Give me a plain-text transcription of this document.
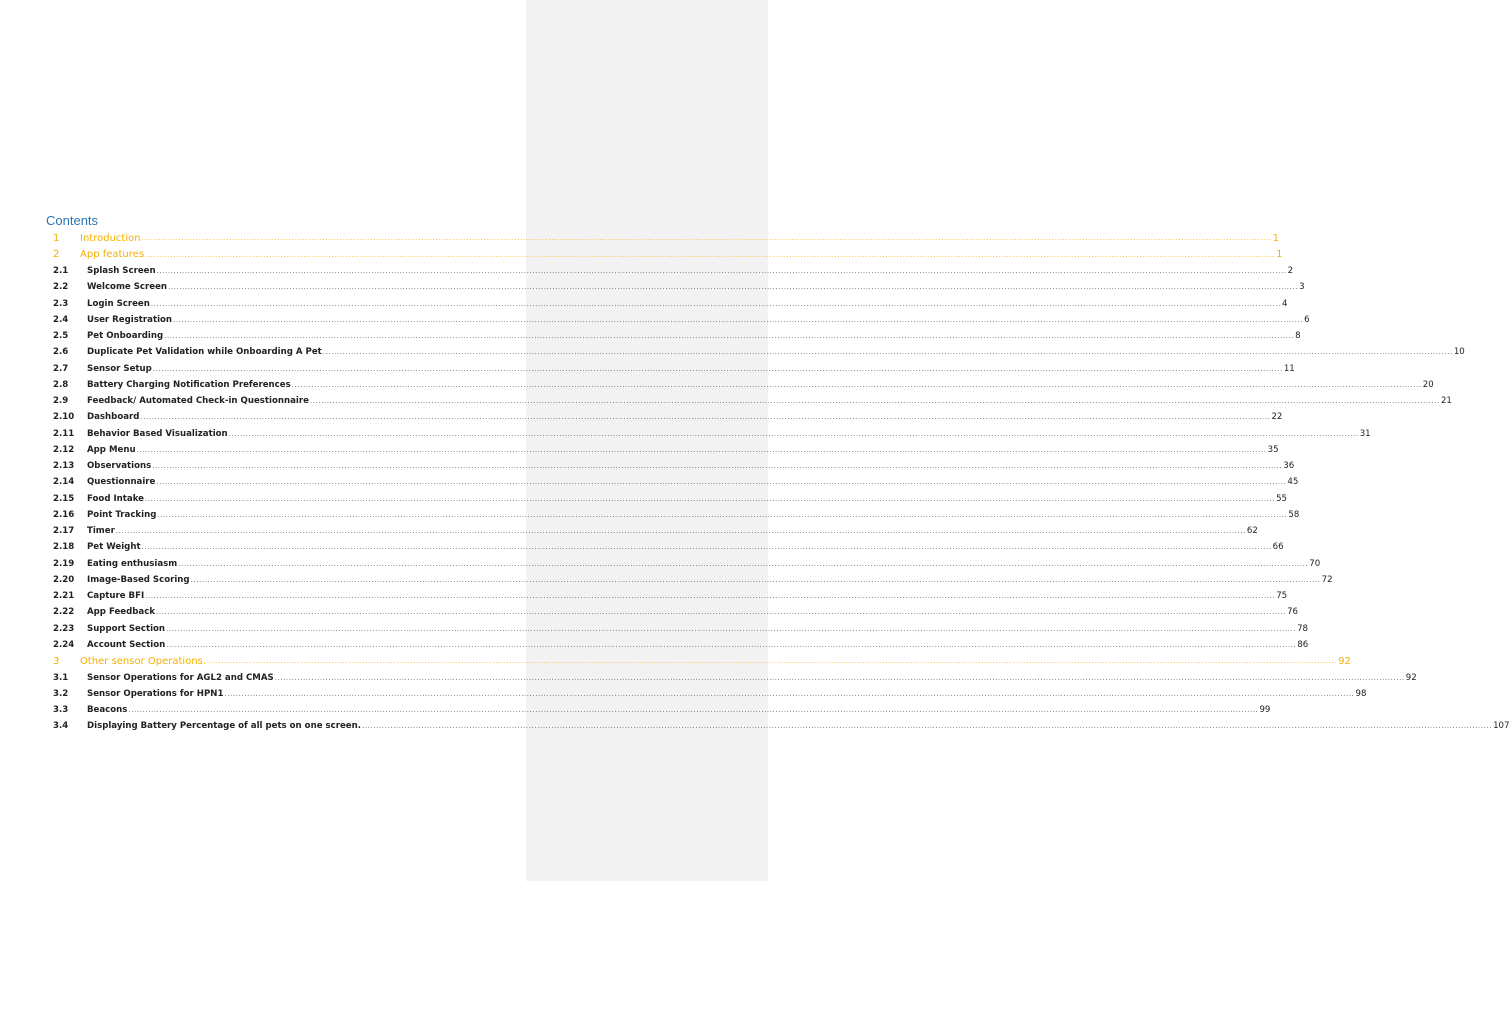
Contents
1	Introduction ................................................................................................................................................................................................................................................................................................................................................................................................................ 1
2	App features ................................................................................................................................................................................................................................................................................................................................................................................................................ 1
2.1	Splash Screen ................................................................................................................................................................................................................................................................................................................................................................................................................ 2
2.2	Welcome Screen ................................................................................................................................................................................................................................................................................................................................................................................................................ 3
2.3	Login Screen ................................................................................................................................................................................................................................................................................................................................................................................................................ 4
2.4	User Registration ................................................................................................................................................................................................................................................................................................................................................................................................................ 6
2.5	Pet Onboarding ................................................................................................................................................................................................................................................................................................................................................................................................................ 8
2.6	Duplicate Pet Validation while Onboarding A Pet ................................................................................................................................................................................................................................................................................................................................................................................................................ 10
2.7	Sensor Setup ................................................................................................................................................................................................................................................................................................................................................................................................................ 11
2.8	Battery Charging Notification Preferences ................................................................................................................................................................................................................................................................................................................................................................................................................ 20
2.9	Feedback/ Automated Check-in Questionnaire ................................................................................................................................................................................................................................................................................................................................................................................................................ 21
2.10	Dashboard ................................................................................................................................................................................................................................................................................................................................................................................................................ 22
2.11	Behavior Based Visualization ................................................................................................................................................................................................................................................................................................................................................................................................................ 31
2.12	App Menu ................................................................................................................................................................................................................................................................................................................................................................................................................ 35
2.13	Observations ................................................................................................................................................................................................................................................................................................................................................................................................................ 36
2.14	Questionnaire ................................................................................................................................................................................................................................................................................................................................................................................................................ 45
2.15	Food Intake ................................................................................................................................................................................................................................................................................................................................................................................................................ 55
2.16	Point Tracking ................................................................................................................................................................................................................................................................................................................................................................................................................ 58
2.17	Timer ................................................................................................................................................................................................................................................................................................................................................................................................................ 62
2.18	Pet Weight ................................................................................................................................................................................................................................................................................................................................................................................................................ 66
2.19	Eating enthusiasm ................................................................................................................................................................................................................................................................................................................................................................................................................ 70
2.20	Image-Based Scoring ................................................................................................................................................................................................................................................................................................................................................................................................................ 72
2.21	Capture BFI ................................................................................................................................................................................................................................................................................................................................................................................................................ 75
2.22	App Feedback ................................................................................................................................................................................................................................................................................................................................................................................................................ 76
2.23	Support Section ................................................................................................................................................................................................................................................................................................................................................................................................................ 78
2.24	Account Section ................................................................................................................................................................................................................................................................................................................................................................................................................ 86
3	Other sensor Operations. ................................................................................................................................................................................................................................................................................................................................................................................................................ 92
3.1	Sensor Operations for AGL2 and CMAS ................................................................................................................................................................................................................................................................................................................................................................................................................ 92
3.2	Sensor Operations for HPN1 ................................................................................................................................................................................................................................................................................................................................................................................................................ 98
3.3	Beacons ................................................................................................................................................................................................................................................................................................................................................................................................................ 99
3.4	Displaying Battery Percentage of all pets on one screen. ................................................................................................................................................................................................................................................................................................................................................................................................................ 107
